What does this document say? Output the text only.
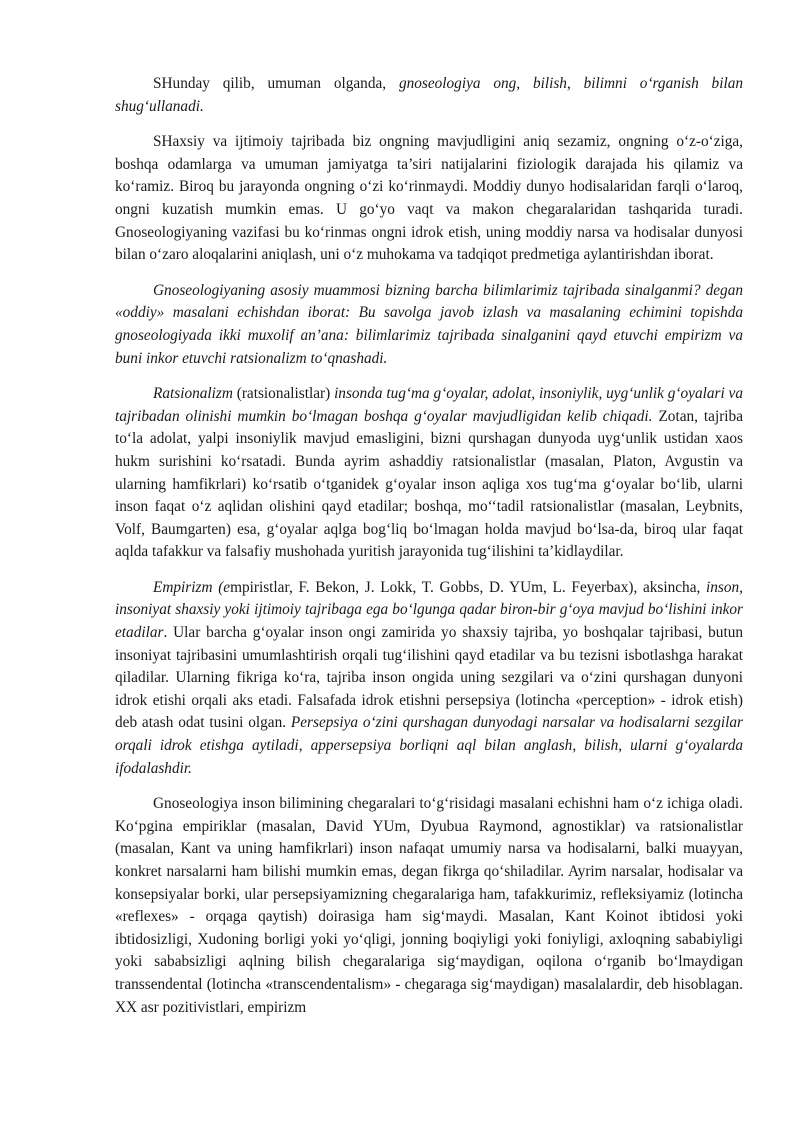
SHunday qilib, umuman olganda, gnoseologiya ong, bilish, bilimni o‘rganish bilan shug‘ullanadi.

SHaxsiy va ijtimoiy tajribada biz ongning mavjudligini aniq sezamiz, ongning o‘z-o‘ziga, boshqa odamlarga va umuman jamiyatga ta’siri natijalarini fiziologik darajada his qilamiz va ko‘ramiz. Biroq bu jarayonda ongning o‘zi ko‘rinmaydi. Moddiy dunyo hodisalaridan farqli o‘laroq, ongni kuzatish mumkin emas. U go‘yo vaqt va makon chegaralaridan tashqarida turadi. Gnoseologiyaning vazifasi bu ko‘rinmas ongni idrok etish, uning moddiy narsa va hodisalar dunyosi bilan o‘zaro aloqalarini aniqlash, uni o‘z muhokama va tadqiqot predmetiga aylantirishdan iborat.

Gnoseologiyaning asosiy muammosi bizning barcha bilimlarimiz tajribada sinalganmi? degan «oddiy» masalani echishdan iborat: Bu savolga javob izlash va masalaning echimini topishda gnoseologiyada ikki muxolif an’ana: bilimlarimiz tajribada sinalganini qayd etuvchi empirizm va buni inkor etuvchi ratsionalizm to‘qnashadi.

Ratsionalizm (ratsionalistlar) insonda tug‘ma g‘oyalar, adolat, insoniylik, uyg‘unlik g‘oyalari va tajribadan olinishi mumkin bo‘lmagan boshqa g‘oyalar mavjudligidan kelib chiqadi. Zotan, tajriba to‘la adolat, yalpi insoniylik mavjud emasligini, bizni qurshagan dunyoda uyg‘unlik ustidan xaos hukm surishini ko‘rsatadi. Bunda ayrim ashaddiy ratsionalistlar (masalan, Platon, Avgustin va ularning hamfikrlari) ko‘rsatib o‘tganidek g‘oyalar inson aqliga xos tug‘ma g‘oyalar bo‘lib, ularni inson faqat o‘z aqlidan olishini qayd etadilar; boshqa, mo‘‘tadil ratsionalistlar (masalan, Leybnits, Volf, Baumgarten) esa, g‘oyalar aqlga bog‘liq bo‘lmagan holda mavjud bo‘lsa-da, biroq ular faqat aqlda tafakkur va falsafiy mushohada yuritish jarayonida tug‘ilishini ta’kidlaydilar.

Empirizm (empiristlar, F. Bekon, J. Lokk, T. Gobbs, D. YUm, L. Feyerbax), aksincha, inson, insoniyat shaxsiy yoki ijtimoiy tajribaga ega bo‘lgunga qadar biron-bir g‘oya mavjud bo‘lishini inkor etadilar. Ular barcha g‘oyalar inson ongi zamirida yo shaxsiy tajriba, yo boshqalar tajribasi, butun insoniyat tajribasini umumlashtirish orqali tug‘ilishini qayd etadilar va bu tezisni isbotlashga harakat qiladilar. Ularning fikriga ko‘ra, tajriba inson ongida uning sezgilari va o‘zini qurshagan dunyoni idrok etishi orqali aks etadi. Falsafada idrok etishni persepsiya (lotincha «perception» - idrok etish) deb atash odat tusini olgan. Persepsiya o‘zini qurshagan dunyodagi narsalar va hodisalarni sezgilar orqali idrok etishga aytiladi, appersepsiya borliqni aql bilan anglash, bilish, ularni g‘oyalarda ifodalashdir.

Gnoseologiya inson bilimining chegaralari to‘g‘risidagi masalani echishni ham o‘z ichiga oladi. Ko‘pgina empiriklar (masalan, David YUm, Dyubua Raymond, agnostiklar) va ratsionalistlar (masalan, Kant va uning hamfikrlari) inson nafaqat umumiy narsa va hodisalarni, balki muayyan, konkret narsalarni ham bilishi mumkin emas, degan fikrga qo‘shiladilar. Ayrim narsalar, hodisalar va konsepsiyalar borki, ular persepsiyamizning chegaralariga ham, tafakkurimiz, refleksiyamiz (lotincha «reflexes» - orqaga qaytish) doirasiga ham sig‘maydi. Masalan, Kant Koinot ibtidosi yoki ibtidosizligi, Xudoning borligi yoki yo‘qligi, jonning boqiyligi yoki foniyligi, axloqning sababiyligi yoki sababsizligi aqlning bilish chegaralariga sig‘maydigan, oqilona o‘rganib bo‘lmaydigan transsendental (lotincha «transcendentalism» - chegaraga sig‘maydigan) masalalardir, deb hisoblagan. XX asr pozitivistlari, empirizm
